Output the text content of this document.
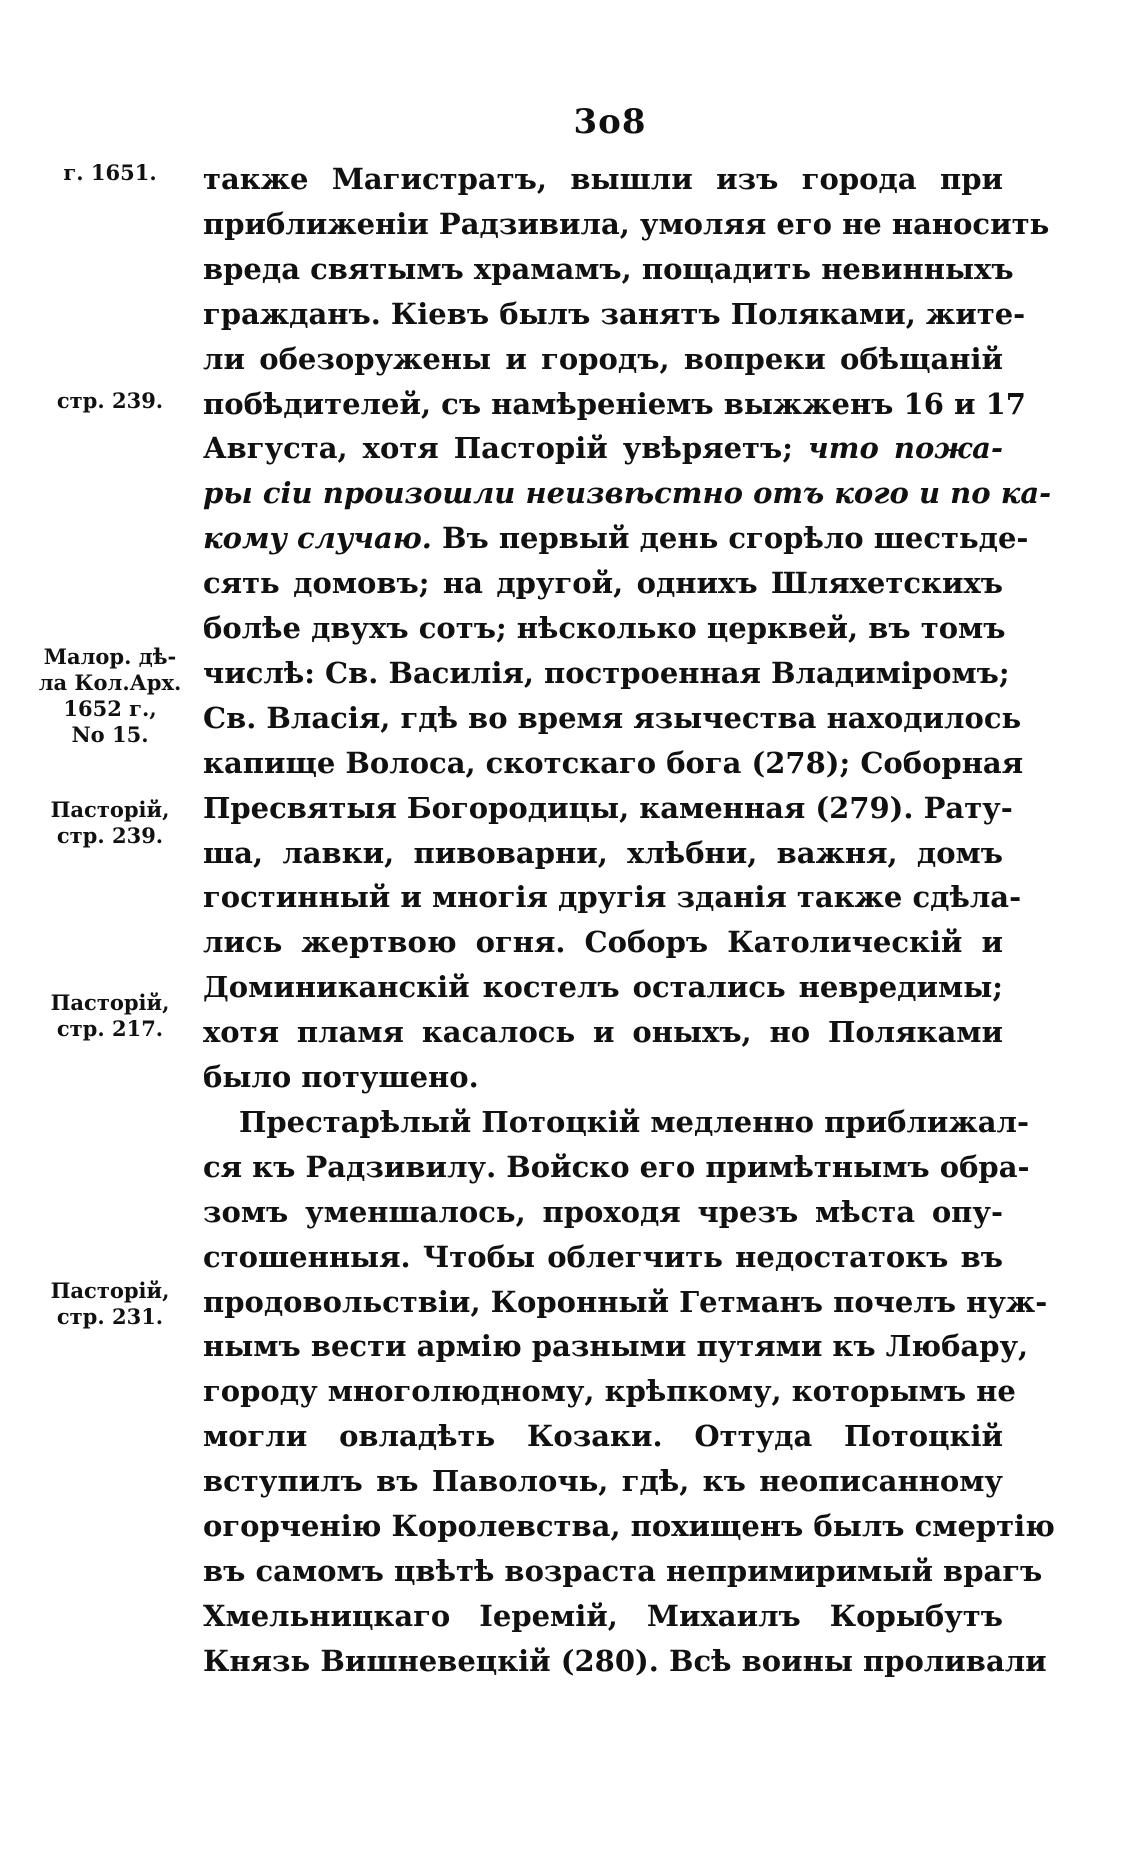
3о8
также Магистратъ, вышли изъ города при
приближеніи Радзивила, умоляя его не наносить
вреда святымъ храмамъ, пощадить невинныхъ
гражданъ. Кіевъ былъ занятъ Поляками, жите-
ли обезоружены и городъ, вопреки обѣщаній
побѣдителей, съ намѣреніемъ выжженъ 16 и 17
Августа, хотя Пасторій увѣряетъ; что пожа-
ры сіи произошли неизвѣстно отъ кого и по ка-
кому случаю. Въ первый день сгорѣло шестьде-
сять домовъ; на другой, однихъ Шляхетскихъ
болѣе двухъ сотъ; нѣсколько церквей, въ томъ
числѣ: Св. Василія, построенная Владиміромъ;
Св. Власія, гдѣ во время язычества находилось
капище Волоса, скотскаго бога (278); Соборная
Пресвятыя Богородицы, каменная (279). Рату-
ша, лавки, пивоварни, хлѣбни, важня, домъ
гостинный и многія другія зданія также сдѣла-
лись жертвою огня. Соборъ Католическій и
Доминиканскій костелъ остались невредимы;
хотя пламя касалось и оныхъ, но Поляками
было потушено.
Престарѣлый Потоцкій медленно приближал-
ся къ Радзивилу. Войско его примѣтнымъ обра-
зомъ уменшалось, проходя чрезъ мѣста опу-
стошенныя. Чтобы облегчить недостатокъ въ
продовольствіи, Коронный Гетманъ почелъ нуж-
нымъ вести армію разными путями къ Любару,
городу многолюдному, крѣпкому, которымъ не
могли овладѣть Козаки. Оттуда Потоцкій
вступилъ въ Паволочь, гдѣ, къ неописанному
огорченію Королевства, похищенъ былъ смертію
въ самомъ цвѣтѣ возраста непримиримый врагъ
Хмельницкаго Іеремій, Михаилъ Корыбутъ
Князь Вишневецкій (280). Всѣ воины проливали
г. 1651.
стр. 239.
Малор. дѣ-
ла Кол.Арх.
1652 г.,
No 15.
Пасторій,
стр. 239.
Пасторій,
стр. 217.
Пасторій,
стр. 231.
